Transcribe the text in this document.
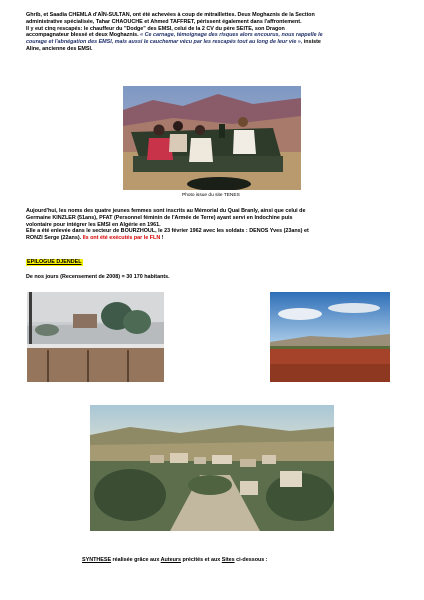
Ghrib, et Saadia CHEMLA d'AÏN-SULTAN, ont été achevées à coup de mitraillettes. Deux Moghaznis de la Section
administrative spécialisée, Tahar CHAOUCHE et Ahmed TAFFRET, périssent également dans l'affrontement.
Il y eut cinq rescapés: le chauffeur du "Dodge" des EMSI, celui de la 2 CV du père SEITE, son Dragon
accompagnateur blessé et deux Moghaznis. « Ce carnage, témoignage des risques alors encourus, nous rappelle le
courage et l'abnégation des EMSI, mais aussi le cauchemar vécu par les rescapés tout au long de leur vie », insiste
Aline, ancienne des EMSI.
Photo issue du site TENES
Aujourd'hui, les noms des quatre jeunes femmes sont inscrits au Mémorial du Quai Branly, ainsi que celui de
Germaine KINZLER (51ans), PFAT (Personnel féminin de l'Armée de Terre) ayant servi en Indochine puis
volontaire pour intégrer les EMSI en Algérie en 1961.
Elle a été enlevée dans le secteur de BOURZHOUL, le 23 février 1962 avec les soldats : DENOS Yves (23ans) et
RONZI Serge (22ans). Ils ont été exécutés par le FLN !
EPILOGUE DJENDEL
De nos jours (Recensement de 2008) = 30 170 habitants.
SYNTHESE réalisée grâce aux Auteurs précités et aux Sites ci-dessous :
